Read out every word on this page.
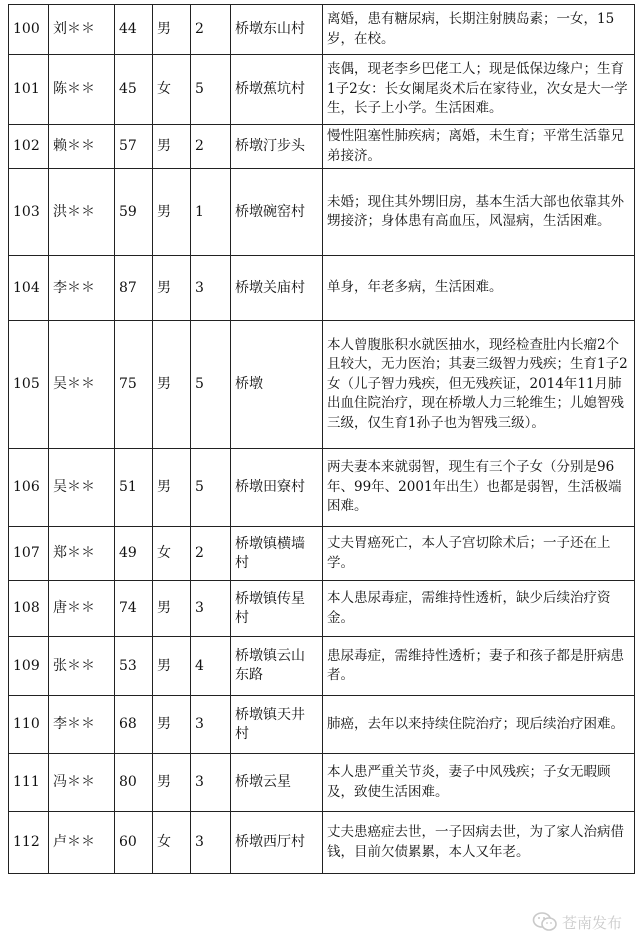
100	刘＊＊	44	男	2	桥墩东山村	离婚，患有糖尿病，长期注射胰岛素；一女，15岁，在校。
101	陈＊＊	45	女	5	桥墩蕉坑村	丧偶，现老李乡巴佬工人；现是低保边缘户；生育1子2女：长女阑尾炎术后在家待业，次女是大一学生，长子上小学。生活困难。
102	赖＊＊	57	男	2	桥墩汀步头	慢性阻塞性肺疾病；离婚，未生育；平常生活靠兄弟接济。
103	洪＊＊	59	男	1	桥墩碗窑村	未婚；现住其外甥旧房，基本生活大部也依靠其外甥接济；身体患有高血压，风湿病，生活困难。
104	李＊＊	87	男	3	桥墩关庙村	单身，年老多病，生活困难。
105	吴＊＊	75	男	5	桥墩	本人曾腹胀积水就医抽水，现经检查肚内长瘤2个且较大，无力医治；其妻三级智力残疾；生育1子2女（儿子智力残疾，但无残疾证，2014年11月肺出血住院治疗，现在桥墩人力三轮维生；儿媳智残三级，仅生育1孙子也为智残三级）。
106	吴＊＊	51	男	5	桥墩田寮村	两夫妻本来就弱智，现生有三个子女（分别是96年、99年、2001年出生）也都是弱智，生活极端困难。
107	郑＊＊	49	女	2	桥墩镇横墙村	丈夫胃癌死亡，本人子宫切除术后；一子还在上学。
108	唐＊＊	74	男	3	桥墩镇传星村	本人患尿毒症，需维持性透析，缺少后续治疗资金。
109	张＊＊	53	男	4	桥墩镇云山东路	患尿毒症，需维持性透析；妻子和孩子都是肝病患者。
110	李＊＊	68	男	3	桥墩镇天井村	肺癌，去年以来持续住院治疗；现后续治疗困难。
111	冯＊＊	80	男	3	桥墩云星	本人患严重关节炎，妻子中风残疾；子女无暇顾及，致使生活困难。
112	卢＊＊	60	女	3	桥墩西厅村	丈夫患癌症去世，一子因病去世，为了家人治病借钱，目前欠债累累，本人又年老。
苍南发布
